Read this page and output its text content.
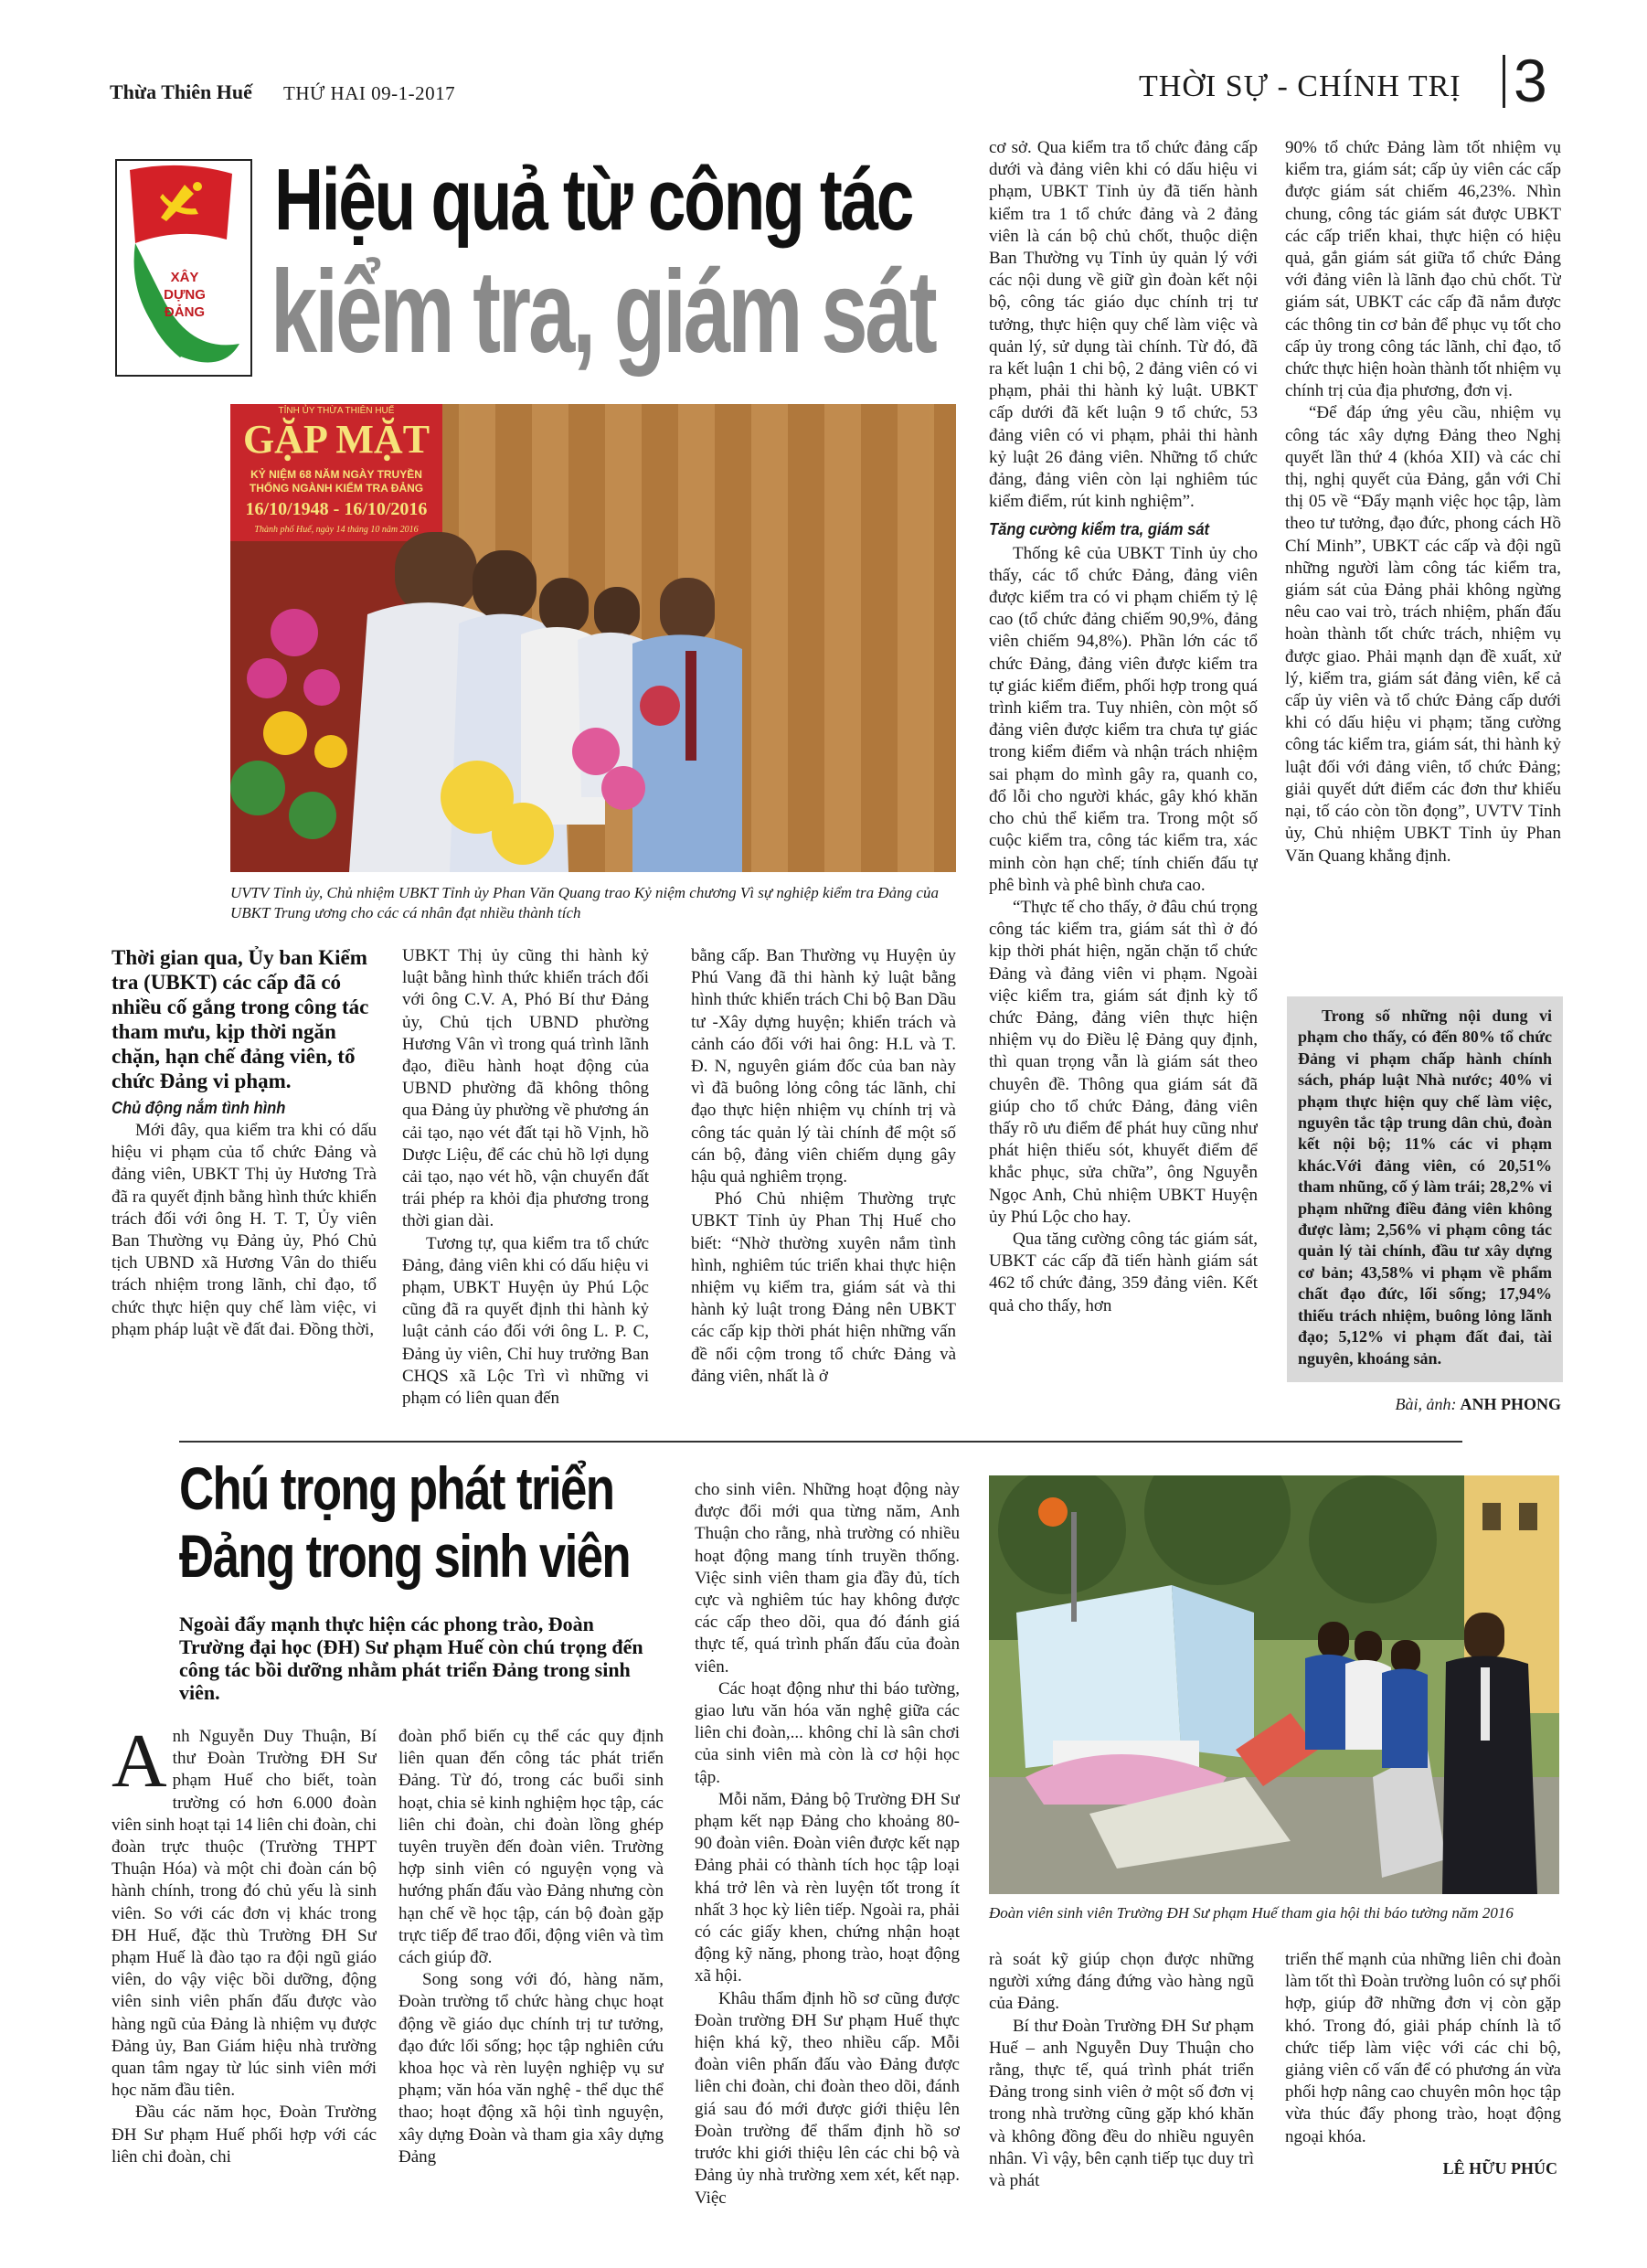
Thừa Thiên Huế THỨ HAI 09-1-2017	THỜI SỰ - CHÍNH TRỊ 3
XÂY DỰNG ĐẢNG
Hiệu quả từ công tác
kiểm tra, giám sát
TỈNH ỦY THỪA THIÊN HUẾ
GẶP MẶT
KỶ NIỆM 68 NĂM NGÀY TRUYỀN THỐNG NGÀNH KIỂM TRA ĐẢNG
16/10/1948 - 16/10/2016
Thành phố Huế, ngày 14 tháng 10 năm 2016
UVTV Tỉnh ủy, Chủ nhiệm UBKT Tỉnh ủy Phan Văn Quang trao Kỷ niệm chương Vì sự nghiệp kiểm tra Đảng của UBKT Trung ương cho các cá nhân đạt nhiều thành tích
Thời gian qua, Ủy ban Kiểm tra (UBKT) các cấp đã có nhiều cố gắng trong công tác tham mưu, kịp thời ngăn chặn, hạn chế đảng viên, tổ chức Đảng vi phạm.
Chủ động nắm tình hình

Mới đây, qua kiểm tra khi có dấu hiệu vi phạm của tổ chức Đảng và đảng viên, UBKT Thị ủy Hương Trà đã ra quyết định bằng hình thức khiển trách đối với ông H. T. T, Ủy viên Ban Thường vụ Đảng ủy, Phó Chủ tịch UBND xã Hương Vân do thiếu trách nhiệm trong lãnh, chỉ đạo, tổ chức thực hiện quy chế làm việc, vi phạm pháp luật về đất đai. Đồng thời,

UBKT Thị ủy cũng thi hành kỷ luật bằng hình thức khiển trách đối với ông C.V. A, Phó Bí thư Đảng ủy, Chủ tịch UBND phường Hương Vân vì trong quá trình lãnh đạo, điều hành hoạt động của UBND phường đã không thông qua Đảng ủy phường về phương án cải tạo, nạo vét đất tại hồ Vịnh, hồ Dược Liệu, để các chủ hồ lợi dụng cải tạo, nạo vét hồ, vận chuyển đất trái phép ra khỏi địa phương trong thời gian dài.

Tương tự, qua kiểm tra tổ chức Đảng, đảng viên khi có dấu hiệu vi phạm, UBKT Huyện ủy Phú Lộc cũng đã ra quyết định thi hành kỷ luật cảnh cáo đối với ông L. P. C, Đảng ủy viên, Chỉ huy trưởng Ban CHQS xã Lộc Trì vì những vi phạm có liên quan đến

bằng cấp. Ban Thường vụ Huyện ủy Phú Vang đã thi hành kỷ luật bằng hình thức khiển trách Chi bộ Ban Dầu tư -Xây dựng huyện; khiển trách và cảnh cáo đối với hai ông: H.L và T. Đ. N, nguyên giám đốc của ban này vì đã buông lỏng công tác lãnh, chỉ đạo thực hiện nhiệm vụ chính trị và công tác quản lý tài chính để một số cán bộ, đảng viên chiếm dụng gây hậu quả nghiêm trọng.

Phó Chủ nhiệm Thường trực UBKT Tỉnh ủy Phan Thị Huế cho biết: “Nhờ thường xuyên nắm tình hình, nghiêm túc triển khai thực hiện nhiệm vụ kiểm tra, giám sát và thi hành kỷ luật trong Đảng nên UBKT các cấp kịp thời phát hiện những vấn đề nổi cộm trong tổ chức Đảng và đảng viên, nhất là ở

cơ sở. Qua kiểm tra tổ chức đảng cấp dưới và đảng viên khi có dấu hiệu vi phạm, UBKT Tỉnh ủy đã tiến hành kiểm tra 1 tổ chức đảng và 2 đảng viên là cán bộ chủ chốt, thuộc diện Ban Thường vụ Tỉnh ủy quản lý với các nội dung về giữ gìn đoàn kết nội bộ, công tác giáo dục chính trị tư tưởng, thực hiện quy chế làm việc và quản lý, sử dụng tài chính. Từ đó, đã ra kết luận 1 chi bộ, 2 đảng viên có vi phạm, phải thi hành kỷ luật. UBKT cấp dưới đã kết luận 9 tổ chức, 53 đảng viên có vi phạm, phải thi hành kỷ luật 26 đảng viên. Những tổ chức đảng, đảng viên còn lại nghiêm túc kiểm điểm, rút kinh nghiệm”.

Tăng cường kiểm tra, giám sát

Thống kê của UBKT Tỉnh ủy cho thấy, các tổ chức Đảng, đảng viên được kiểm tra có vi phạm chiếm tỷ lệ cao (tổ chức đảng chiếm 90,9%, đảng viên chiếm 94,8%). Phần lớn các tổ chức Đảng, đảng viên được kiểm tra tự giác kiểm điểm, phối hợp trong quá trình kiểm tra. Tuy nhiên, còn một số đảng viên được kiểm tra chưa tự giác trong kiểm điểm và nhận trách nhiệm sai phạm do mình gây ra, quanh co, đổ lỗi cho người khác, gây khó khăn cho chủ thể kiểm tra. Trong một số cuộc kiểm tra, công tác kiểm tra, xác minh còn hạn chế; tính chiến đấu tự phê bình và phê bình chưa cao.

“Thực tế cho thấy, ở đâu chú trọng công tác kiểm tra, giám sát thì ở đó kịp thời phát hiện, ngăn chặn tổ chức Đảng và đảng viên vi phạm. Ngoài việc kiểm tra, giám sát định kỳ tổ chức Đảng, đảng viên thực hiện nhiệm vụ do Điều lệ Đảng quy định, thì quan trọng vẫn là giám sát theo chuyên đề. Thông qua giám sát đã giúp cho tổ chức Đảng, đảng viên thấy rõ ưu điểm để phát huy cũng như phát hiện thiếu sót, khuyết điểm để khắc phục, sửa chữa”, ông Nguyễn Ngọc Anh, Chủ nhiệm UBKT Huyện ủy Phú Lộc cho hay.

Qua tăng cường công tác giám sát, UBKT các cấp đã tiến hành giám sát 462 tổ chức đảng, 359 đảng viên. Kết quả cho thấy, hơn

90% tổ chức Đảng làm tốt nhiệm vụ kiểm tra, giám sát; cấp ủy viên các cấp được giám sát chiếm 46,23%. Nhìn chung, công tác giám sát được UBKT các cấp triển khai, thực hiện có hiệu quả, gắn giám sát giữa tổ chức Đảng với đảng viên là lãnh đạo chủ chốt. Từ giám sát, UBKT các cấp đã nắm được các thông tin cơ bản để phục vụ tốt cho cấp ủy trong công tác lãnh, chỉ đạo, tổ chức thực hiện hoàn thành tốt nhiệm vụ chính trị của địa phương, đơn vị.

“Để đáp ứng yêu cầu, nhiệm vụ công tác xây dựng Đảng theo Nghị quyết lần thứ 4 (khóa XII) và các chỉ thị, nghị quyết của Đảng, gắn với Chỉ thị 05 về “Đẩy mạnh việc học tập, làm theo tư tưởng, đạo đức, phong cách Hồ Chí Minh”, UBKT các cấp và đội ngũ những người làm công tác kiểm tra, giám sát của Đảng phải không ngừng nêu cao vai trò, trách nhiệm, phấn đấu hoàn thành tốt chức trách, nhiệm vụ được giao. Phải mạnh dạn đề xuất, xử lý, kiểm tra, giám sát đảng viên, kể cả cấp ủy viên và tổ chức Đảng cấp dưới khi có dấu hiệu vi phạm; tăng cường công tác kiểm tra, giám sát, thi hành kỷ luật đối với đảng viên, tổ chức Đảng; giải quyết dứt điểm các đơn thư khiếu nại, tố cáo còn tồn đọng”, UVTV Tỉnh ủy, Chủ nhiệm UBKT Tỉnh ủy Phan Văn Quang khẳng định.

Trong số những nội dung vi phạm cho thấy, có đến 80% tổ chức Đảng vi phạm chấp hành chính sách, pháp luật Nhà nước; 40% vi phạm thực hiện quy chế làm việc, nguyên tắc tập trung dân chủ, đoàn kết nội bộ; 11% các vi phạm khác.Với đảng viên, có 20,51% tham nhũng, cố ý làm trái; 28,2% vi phạm những điều đảng viên không được làm; 2,56% vi phạm công tác quản lý tài chính, đầu tư xây dựng cơ bản; 43,58% vi phạm về phẩm chất đạo đức, lối sống; 17,94% thiếu trách nhiệm, buông lỏng lãnh đạo; 5,12% vi phạm đất đai, tài nguyên, khoáng sản.
Bài, ảnh: ANH PHONG
Chú trọng phát triển
Đảng trong sinh viên
Ngoài đẩy mạnh thực hiện các phong trào, Đoàn Trường đại học (ĐH) Sư phạm Huế còn chú trọng đến công tác bồi dưỡng nhằm phát triển Đảng trong sinh viên.
A nh Nguyễn Duy Thuận, Bí thư Đoàn Trường ĐH Sư phạm Huế cho biết, toàn trường có hơn 6.000 đoàn viên sinh hoạt tại 14 liên chi đoàn, chi đoàn trực thuộc (Trường THPT Thuận Hóa) và một chi đoàn cán bộ hành chính, trong đó chủ yếu là sinh viên. So với các đơn vị khác trong ĐH Huế, đặc thù Trường ĐH Sư phạm Huế là đào tạo ra đội ngũ giáo viên, do vậy việc bồi dưỡng, động viên sinh viên phấn đấu được vào hàng ngũ của Đảng là nhiệm vụ được Đảng ủy, Ban Giám hiệu nhà trường quan tâm ngay từ lúc sinh viên mới học năm đầu tiên.

Đầu các năm học, Đoàn Trường ĐH Sư phạm Huế phối hợp với các liên chi đoàn, chi

đoàn phổ biến cụ thể các quy định liên quan đến công tác phát triển Đảng. Từ đó, trong các buổi sinh hoạt, chia sẻ kinh nghiệm học tập, các liên chi đoàn, chi đoàn lồng ghép tuyên truyền đến đoàn viên. Trường hợp sinh viên có nguyện vọng và hướng phấn đấu vào Đảng nhưng còn hạn chế về học tập, cán bộ đoàn gặp trực tiếp để trao đổi, động viên và tìm cách giúp đỡ.

Song song với đó, hàng năm, Đoàn trường tổ chức hàng chục hoạt động về giáo dục chính trị tư tưởng, đạo đức lối sống; học tập nghiên cứu khoa học và rèn luyện nghiệp vụ sư phạm; văn hóa văn nghệ - thể dục thể thao; hoạt động xã hội tình nguyện, xây dựng Đoàn và tham gia xây dựng Đảng

cho sinh viên. Những hoạt động này được đổi mới qua từng năm, Anh Thuận cho rằng, nhà trường có nhiều hoạt động mang tính truyền thống. Việc sinh viên tham gia đầy đủ, tích cực và nghiêm túc hay không được các cấp theo dõi, qua đó đánh giá thực tế, quá trình phấn đấu của đoàn viên.

Các hoạt động như thi báo tường, giao lưu văn hóa văn nghệ giữa các liên chi đoàn,... không chỉ là sân chơi của sinh viên mà còn là cơ hội học tập.

Mỗi năm, Đảng bộ Trường ĐH Sư phạm kết nạp Đảng cho khoảng 80-90 đoàn viên. Đoàn viên được kết nạp Đảng phải có thành tích học tập loại khá trở lên và rèn luyện tốt trong ít nhất 3 học kỳ liên tiếp. Ngoài ra, phải có các giấy khen, chứng nhận hoạt động kỹ năng, phong trào, hoạt động xã hội.

Khâu thẩm định hồ sơ cũng được Đoàn trường ĐH Sư phạm Huế thực hiện khá kỹ, theo nhiều cấp. Mỗi đoàn viên phấn đấu vào Đảng được liên chi đoàn, chi đoàn theo dõi, đánh giá sau đó mới được giới thiệu lên Đoàn trường để thẩm định hồ sơ trước khi giới thiệu lên các chi bộ và Đảng ủy nhà trường xem xét, kết nạp. Việc

Đoàn viên sinh viên Trường ĐH Sư phạm Huế tham gia hội thi báo tường năm 2016

rà soát kỹ giúp chọn được những người xứng đáng đứng vào hàng ngũ của Đảng.

Bí thư Đoàn Trường ĐH Sư phạm Huế – anh Nguyễn Duy Thuận cho rằng, thực tế, quá trình phát triển Đảng trong sinh viên ở một số đơn vị trong nhà trường cũng gặp khó khăn và không đồng đều do nhiều nguyên nhân. Vì vậy, bên cạnh tiếp tục duy trì và phát

triển thế mạnh của những liên chi đoàn làm tốt thì Đoàn trường luôn có sự phối hợp, giúp đỡ những đơn vị còn gặp khó. Trong đó, giải pháp chính là tổ chức tiếp làm việc với các chi bộ, giảng viên cố vấn để có phương án vừa phối hợp nâng cao chuyên môn học tập vừa thúc đẩy phong trào, hoạt động ngoại khóa.

LÊ HỮU PHÚC
